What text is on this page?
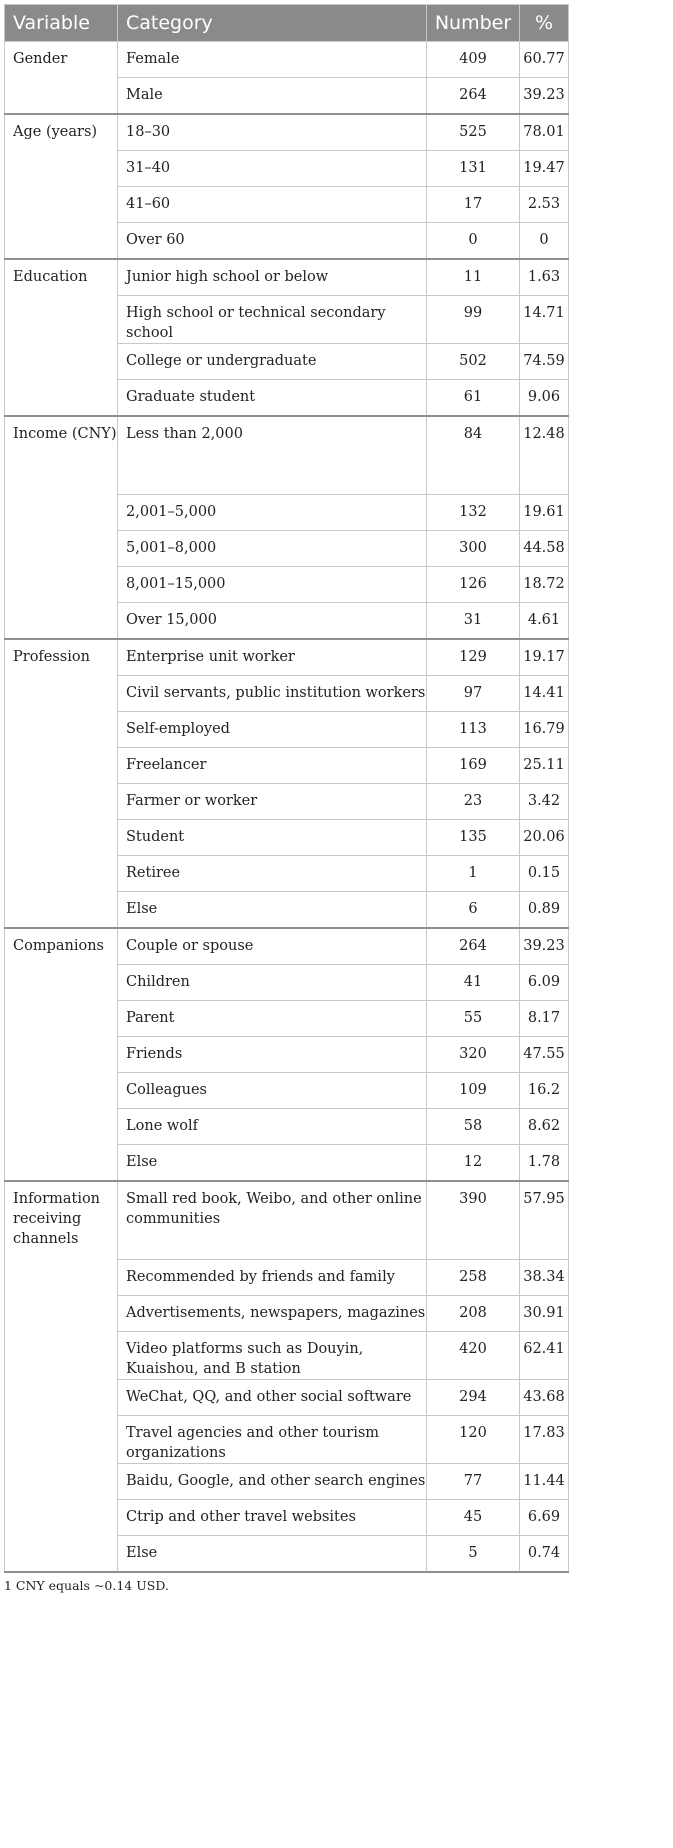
Variable	Category	Number	%
Gender	Female	409	60.77
	Male	264	39.23
Age (years)	18–30	525	78.01
	31–40	131	19.47
	41–60	17	2.53
	Over 60	0	0
Education	Junior high school or below	11	1.63
	High school or technical secondary school	99	14.71
	College or undergraduate	502	74.59
	Graduate student	61	9.06
Income (CNY)	Less than 2,000	84	12.48
	2,001–5,000	132	19.61
	5,001–8,000	300	44.58
	8,001–15,000	126	18.72
	Over 15,000	31	4.61
Profession	Enterprise unit worker	129	19.17
	Civil servants, public institution workers	97	14.41
	Self-employed	113	16.79
	Freelancer	169	25.11
	Farmer or worker	23	3.42
	Student	135	20.06
	Retiree	1	0.15
	Else	6	0.89
Companions	Couple or spouse	264	39.23
	Children	41	6.09
	Parent	55	8.17
	Friends	320	47.55
	Colleagues	109	16.2
	Lone wolf	58	8.62
	Else	12	1.78
Information receiving channels	Small red book, Weibo, and other online communities	390	57.95
	Recommended by friends and family	258	38.34
	Advertisements, newspapers, magazines	208	30.91
	Video platforms such as Douyin, Kuaishou, and B station	420	62.41
	WeChat, QQ, and other social software	294	43.68
	Travel agencies and other tourism organizations	120	17.83
	Baidu, Google, and other search engines	77	11.44
	Ctrip and other travel websites	45	6.69
	Else	5	0.74
1 CNY equals ∼0.14 USD.
